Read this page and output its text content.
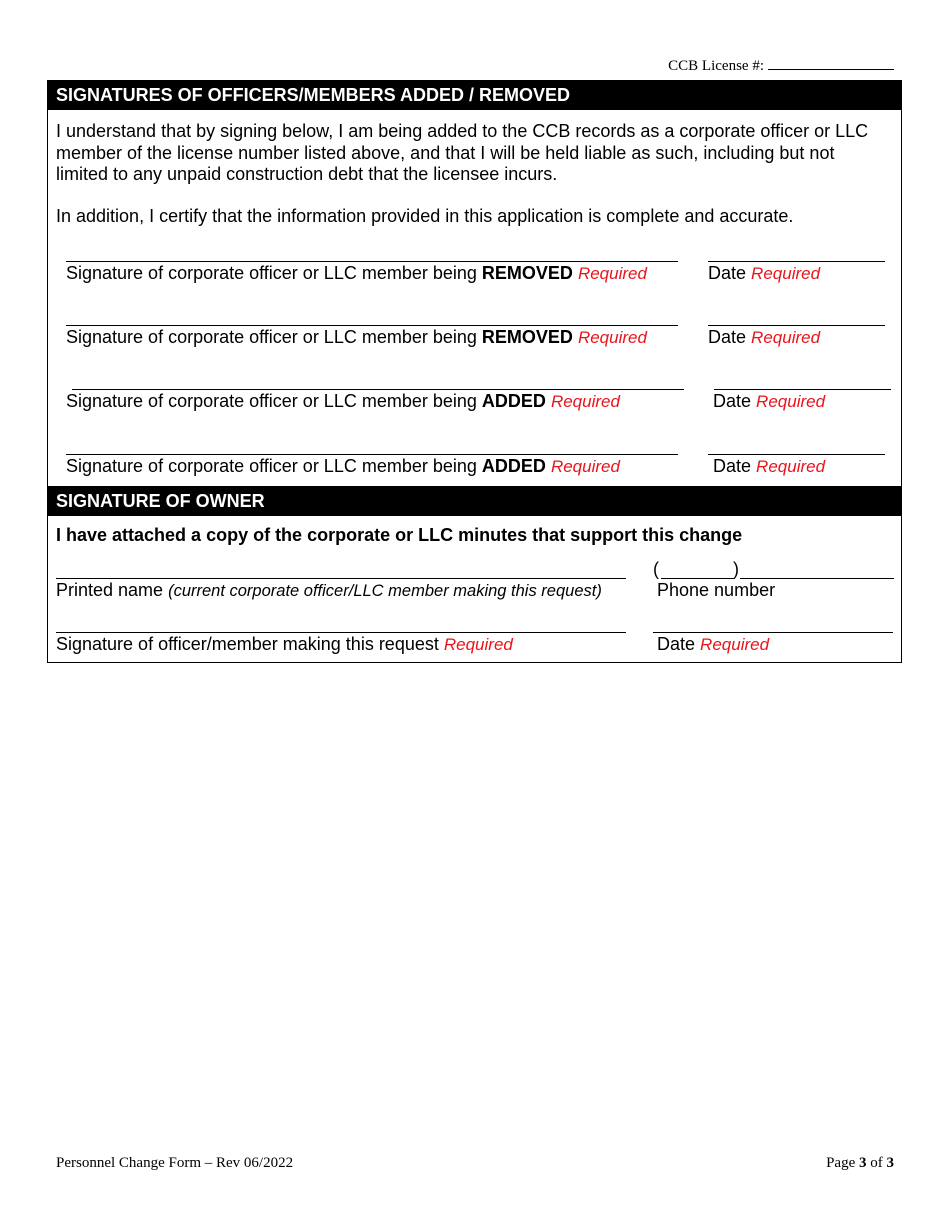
CCB License #:
SIGNATURES OF OFFICERS/MEMBERS ADDED / REMOVED
I understand that by signing below, I am being added to the CCB records as a corporate officer or LLC member of the license number listed above, and that I will be held liable as such, including but not limited to any unpaid construction debt that the licensee incurs.
In addition, I certify that the information provided in this application is complete and accurate.
Signature of corporate officer or LLC member being REMOVED Required	Date Required
Signature of corporate officer or LLC member being REMOVED Required	Date Required
Signature of corporate officer or LLC member being ADDED Required	Date Required
Signature of corporate officer or LLC member being ADDED Required	Date Required
SIGNATURE OF OWNER
I have attached a copy of the corporate or LLC minutes that support this change
(	)
Printed name (current corporate officer/LLC member making this request)	Phone number
Signature of officer/member making this request Required	Date Required
Personnel Change Form – Rev 06/2022	Page 3 of 3
